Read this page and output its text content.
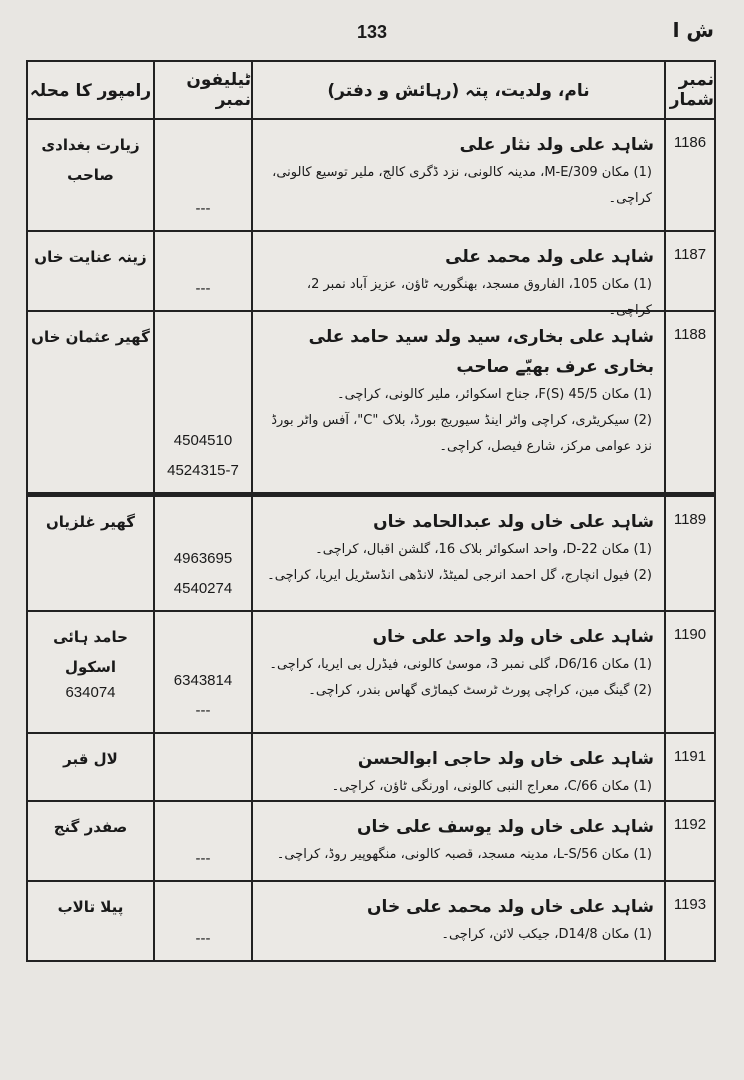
ش ا
133
رامپور کا محلہ
ٹیلیفون نمبر	نام، ولدیت، پتہ (رہائش و دفتر)
نمبر شمار
زیارت بغدادی صاحب
---
شاہد علی ولد نثار علی
(1) مکان M-E/309، مدینہ کالونی، نزد ڈگری کالج، ملیر توسیع کالونی، کراچی۔
1186
زینہ عنایت خاں
---
شاہد علی ولد محمد علی
(1) مکان 105، الفاروق مسجد، بھنگوریہ ٹاؤن، عزیز آباد نمبر 2، کراچی۔
1187
گھیر عثمان خاں
4504510
4524315-7
شاہد علی بخاری، سید ولد سید حامد علی بخاری عرف بھیّے صاحب
(1) مکان 45/5 F(S)، جناح اسکوائر، ملیر کالونی، کراچی۔
(2) سیکریٹری، کراچی واٹر اینڈ سیوریج بورڈ، بلاک "C"، آفس واٹر بورڈ نزد عوامی مرکز، شارع فیصل، کراچی۔
1188
گھیر غلزیاں
4963695
4540274
شاہد علی خاں ولد عبدالحامد خاں
(1) مکان D-22، واحد اسکوائر بلاک 16، گلشن اقبال، کراچی۔
(2) فیول انچارج، گل احمد انرجی لمیٹڈ، لانڈھی انڈسٹریل ایریا، کراچی۔
1189
حامد ہائی اسکول
634074
6343814
---
شاہد علی خاں ولد واحد علی خاں
(1) مکان D6/16، گلی نمبر 3، موسیٰ کالونی، فیڈرل بی ایریا، کراچی۔
(2) گینگ مین، کراچی پورٹ ٹرسٹ کیماڑی گھاس بندر، کراچی۔
1190
لال قبر	شاہد علی خاں ولد حاجی ابوالحسن
(1) مکان C/66، معراج النبی کالونی، اورنگی ٹاؤن، کراچی۔
1191
صفدر گنج
---
شاہد علی خاں ولد یوسف علی خاں
(1) مکان L-S/56، مدینہ مسجد، قصبہ کالونی، منگھوپیر روڈ، کراچی۔
1192
پیلا تالاب
---
شاہد علی خاں ولد محمد علی خاں
(1) مکان D14/8، جیکب لائن، کراچی۔
1193
